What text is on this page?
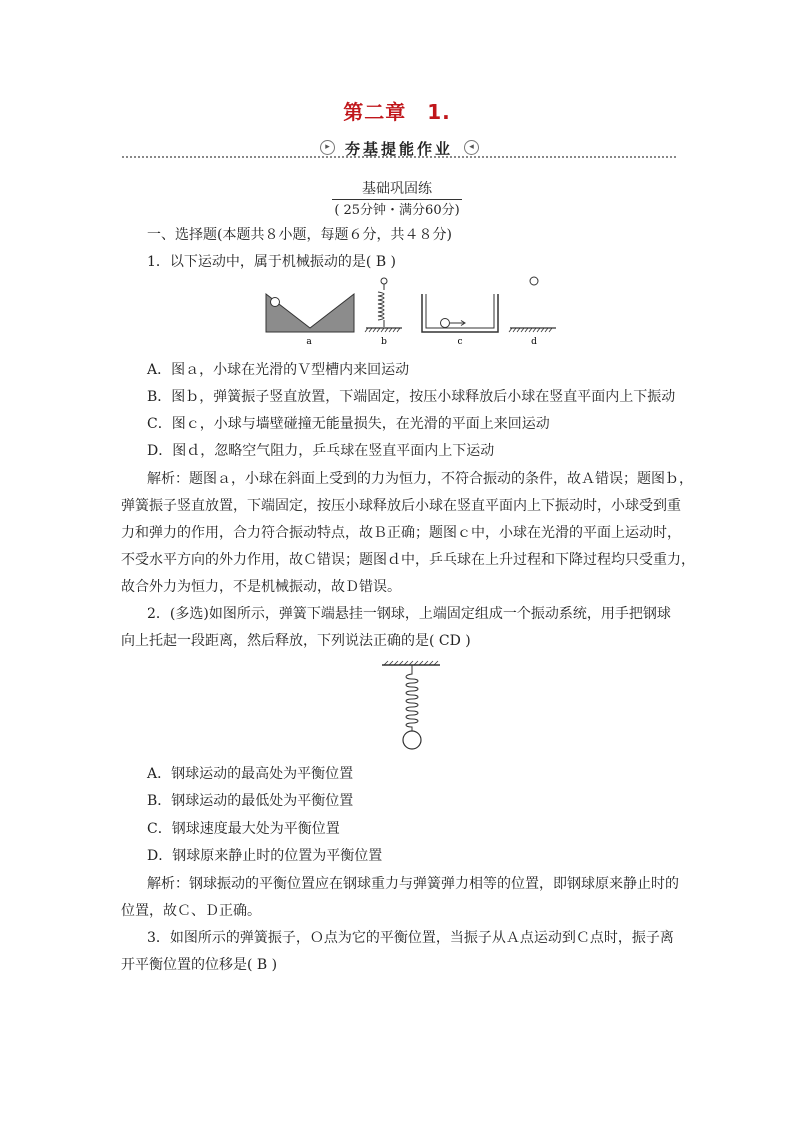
第二章　1.
▸	夯基提能作业	◂
基础巩固练
( 25分钟・满分60分)
一、选择题(本题共８小题，每题６分，共４８分)
1．以下运动中，属于机械振动的是( B )
a	b	c	d
A．图ａ，小球在光滑的Ｖ型槽内来回运动
B．图ｂ，弹簧振子竖直放置，下端固定，按压小球释放后小球在竖直平面内上下振动
C．图ｃ，小球与墙壁碰撞无能量损失，在光滑的平面上来回运动
D．图ｄ，忽略空气阻力，乒乓球在竖直平面内上下运动
解析：题图ａ，小球在斜面上受到的力为恒力，不符合振动的条件，故Ａ错误；题图ｂ，
弹簧振子竖直放置，下端固定，按压小球释放后小球在竖直平面内上下振动时，小球受到重
力和弹力的作用，合力符合振动特点，故Ｂ正确；题图ｃ中，小球在光滑的平面上运动时，
不受水平方向的外力作用，故Ｃ错误；题图ｄ中，乒乓球在上升过程和下降过程均只受重力，
故合外力为恒力，不是机械振动，故Ｄ错误。
2．(多选)如图所示，弹簧下端悬挂一钢球，上端固定组成一个振动系统，用手把钢球
向上托起一段距离，然后释放，下列说法正确的是( CD )
A．钢球运动的最高处为平衡位置
B．钢球运动的最低处为平衡位置
C．钢球速度最大处为平衡位置
D．钢球原来静止时的位置为平衡位置
解析：钢球振动的平衡位置应在钢球重力与弹簧弹力相等的位置，即钢球原来静止时的
位置，故Ｃ、Ｄ正确。
3．如图所示的弹簧振子，Ｏ点为它的平衡位置，当振子从Ａ点运动到Ｃ点时，振子离
开平衡位置的位移是( B )
